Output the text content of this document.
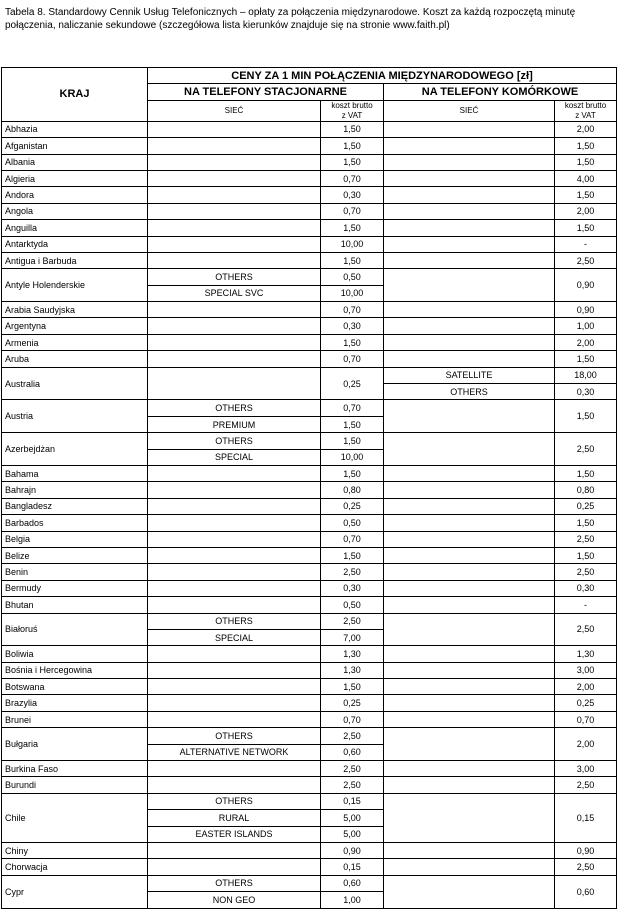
Tabela 8. Standardowy Cennik Usług Telefonicznych – opłaty za połączenia międzynarodowe. Koszt za każdą rozpoczętą minutę połączenia, naliczanie sekundowe (szczegółowa lista kierunków znajduje się na stronie www.faith.pl)
KRAJ	CENY ZA 1 MIN POŁĄCZENIA MIĘDZYNARODOWEGO [zł]			
	NA TELEFONY STACJONARNE		NA TELEFONY KOMÓRKOWE	
	SIEĆ	koszt brutto
z VAT	SIEĆ	koszt brutto
z VAT
Abhazia		1,50		2,00
Afganistan		1,50		1,50
Albania		1,50		1,50
Algieria		0,70		4,00
Andora		0,30		1,50
Angola		0,70		2,00
Anguilla		1,50		1,50
Antarktyda		10,00		-
Antigua i Barbuda		1,50		2,50
Antyle Holenderskie	OTHERS	0,50		0,90
	SPECIAL SVC	10,00		
Arabia Saudyjska		0,70		0,90
Argentyna		0,30		1,00
Armenia		1,50		2,00
Aruba		0,70		1,50
Australia		0,25	SATELLITE	18,00
			OTHERS	0,30
Austria	OTHERS	0,70		1,50
	PREMIUM	1,50		
Azerbejdżan	OTHERS	1,50		2,50
	SPECIAL	10,00		
Bahama		1,50		1,50
Bahrajn		0,80		0,80
Bangladesz		0,25		0,25
Barbados		0,50		1,50
Belgia		0,70		2,50
Belize		1,50		1,50
Benin		2,50		2,50
Bermudy		0,30		0,30
Bhutan		0,50		-
Białoruś	OTHERS	2,50		2,50
	SPECIAL	7,00		
Boliwia		1,30		1,30
Bośnia i Hercegowina		1,30		3,00
Botswana		1,50		2,00
Brazylia		0,25		0,25
Brunei		0,70		0,70
Bułgaria	OTHERS	2,50		2,00
	ALTERNATIVE NETWORK	0,60		
Burkina Faso		2,50		3,00
Burundi		2,50		2,50
Chile	OTHERS	0,15		0,15
	RURAL	5,00		
	EASTER ISLANDS	5,00		
Chiny		0,90		0,90
Chorwacja		0,15		2,50
Cypr	OTHERS	0,60		0,60
	NON GEO	1,00		
